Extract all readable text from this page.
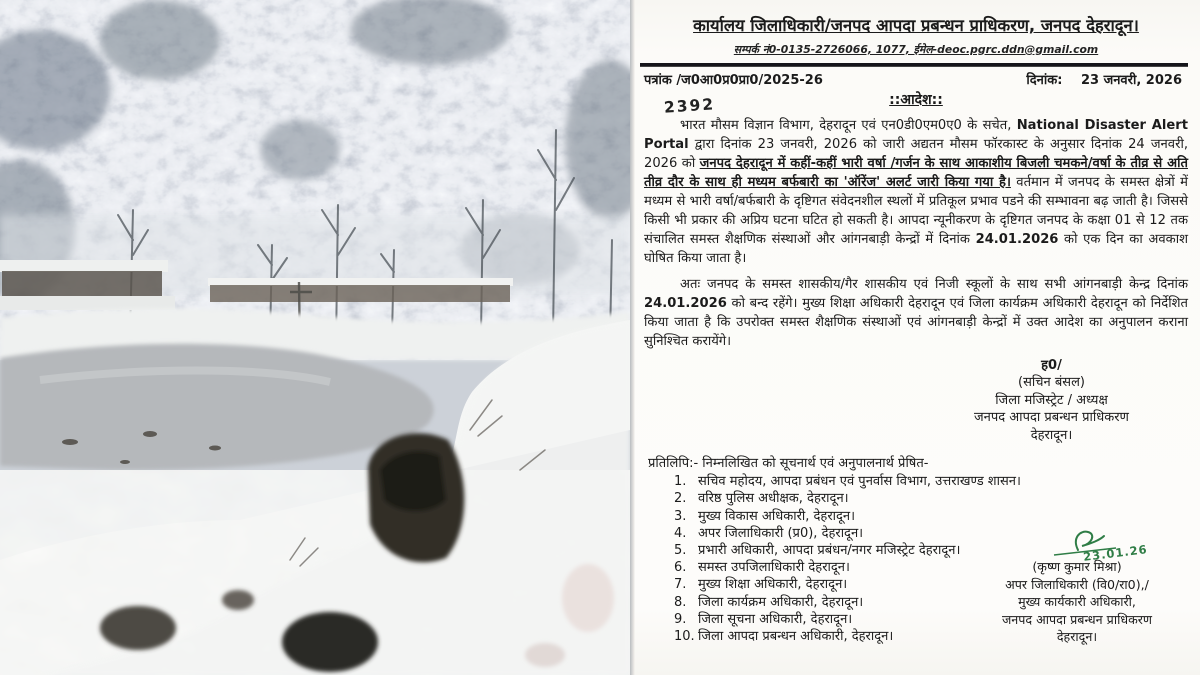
कार्यालय जिलाधिकारी/जनपद आपदा प्रबन्धन प्राधिकरण, जनपद देहरादून।
सम्पर्क नं0-0135-2726066, 1077, ईमेल-deoc.pgrc.ddn@gmail.com
पत्रांक /ज0आ0प्र0प्रा0/2025-26	दिनांक: 23 जनवरी, 2026
2392	::आदेश::
भारत मौसम विज्ञान विभाग, देहरादून एवं एन0डी0एम0ए0 के सचेत, National Disaster Alert Portal द्वारा दिनांक 23 जनवरी, 2026 को जारी अद्यतन मौसम फॉरकास्ट के अनुसार दिनांक 24 जनवरी, 2026 को जनपद देहरादून में कहीं-कहीं भारी वर्षा /गर्जन के साथ आकाशीय बिजली चमकने/वर्षा के तीव्र से अति तीव्र दौर के साथ ही मध्यम बर्फबारी का 'ऑरेंज' अलर्ट जारी किया गया है। वर्तमान में जनपद के समस्त क्षेत्रों में मध्यम से भारी वर्षा/बर्फबारी के दृष्टिगत संवेदनशील स्थलों में प्रतिकूल प्रभाव पडने की सम्भावना बढ़ जाती है। जिससे किसी भी प्रकार की अप्रिय घटना घटित हो सकती है। आपदा न्यूनीकरण के दृष्टिगत जनपद के कक्षा 01 से 12 तक संचालित समस्त शैक्षणिक संस्थाओं और आंगनबाड़ी केन्द्रों में दिनांक 24.01.2026 को एक दिन का अवकाश घोषित किया जाता है।
अतः जनपद के समस्त शासकीय/गैर शासकीय एवं निजी स्कूलों के साथ सभी आंगनबाड़ी केन्द्र दिनांक 24.01.2026 को बन्द रहेंगे। मुख्य शिक्षा अधिकारी देहरादून एवं जिला कार्यक्रम अधिकारी देहरादून को निर्देशित किया जाता है कि उपरोक्त समस्त शैक्षणिक संस्थाओं एवं आंगनबाड़ी केन्द्रों में उक्त आदेश का अनुपालन कराना सुनिश्चित करायेंगे।
ह0/
(सचिन बंसल)
जिला मजिस्ट्रेट / अध्यक्ष
जनपद आपदा प्रबन्धन प्राधिकरण
देहरादून।
प्रतिलिपि:- निम्नलिखित को सूचनार्थ एवं अनुपालनार्थ प्रेषित-
1. सचिव महोदय, आपदा प्रबंधन एवं पुनर्वास विभाग, उत्तराखण्ड शासन।
2. वरिष्ठ पुलिस अधीक्षक, देहरादून।
3. मुख्य विकास अधिकारी, देहरादून।
4. अपर जिलाधिकारी (प्र0), देहरादून।
5. प्रभारी अधिकारी, आपदा प्रबंधन/नगर मजिस्ट्रेट देहरादून।
6. समस्त उपजिलाधिकारी देहरादून।
7. मुख्य शिक्षा अधिकारी, देहरादून।
8. जिला कार्यक्रम अधिकारी, देहरादून।
9. जिला सूचना अधिकारी, देहरादून।
10. जिला आपदा प्रबन्धन अधिकारी, देहरादून।
23.01.26
(कृष्ण कुमार मिश्रा)
अपर जिलाधिकारी (वि0/रा0),/
मुख्य कार्यकारी अधिकारी,
जनपद आपदा प्रबन्धन प्राधिकरण
देहरादून।
